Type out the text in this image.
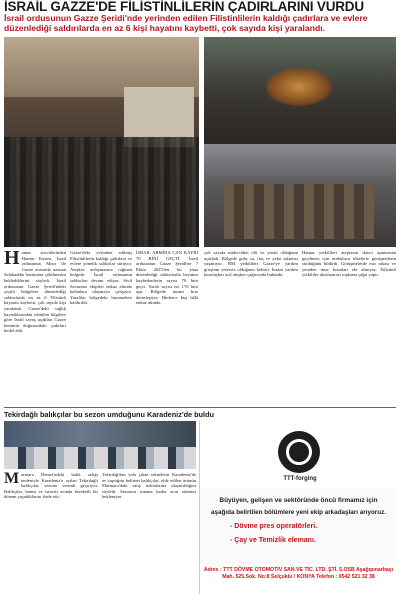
İSRAİL GAZZE'DE FİLİSTİNLİLERİN ÇADIRLARINI VURDU
İsrail ordusunun Gazze Şeridi'nde yerinden edilen Filistinlilerin kaldığı çadırlara ve evlere düzenlediği saldırılarda en az 6 kişi hayatını kaybetti, çok sayıda kişi yaralandı.
Hamas sözcülerinden Hazem Kasım, İsrail ordusunun Mısır ile Gazze arasında uzanan Selahaddin hattından çekilmesini beklediklerini söyledi. İsrail ordusunun Gazze Şeridi'ndeki çeşitli bölgelere düzenlediği saldırılarda en az 6 Filistinli hayatını kaybetti, çok sayıda kişi yaralandı. Gazze'deki sağlık kaynaklarından edinilen bilgilere göre İsrail savaş uçakları Gazze kentinin doğusundaki çadırları hedef aldı.
Gazze'deki yerinden edilmiş Filistinlilerin kaldığı çadırlara ve evlere yönelik saldırılar sürüyor. Ateşkes anlaşmasına rağmen bölgede İsrail ordusunun saldırıları devam ediyor. Sivil Savunma ekipleri enkaz altında kalanlara ulaşmaya çalışıyor. Yaralılar bölgedeki hastanelere kaldırıldı.
İSRAİL ARMİNA CAN KAYBI 70 BİNİ GEÇTİ. İsrail ordusunun Gazze Şeridi'ne 7 Ekim 2023'ten bu yana düzenlediği saldırılarda hayatını kaybedenlerin sayısı 70 bini geçti. Yaralı sayısı ise 170 bini aştı. Bölgede insani kriz derinleşiyor. Binlerce kişi hâlâ enkaz altında.
çok sayıda mülteciden ölü ve yaralı olduğunu açıkladı. Bölgede gıda, su, ilaç ve yakıt sıkıntısı yaşanıyor. BM yetkilileri Gazze'ye yardım girişinin yetersiz olduğunu belirtti. İnsani yardım kuruluşları acil ateşkes çağrısında bulundu.
Hamas yetkilileri ateşkesin ikinci aşamasına geçilmesi için arabulucu ülkelerle görüşmelerin sürdüğünü bildirdi. Görüşmelerde esir takası ve yeniden imar konuları ele alınıyor. Filistinli yetkililer uluslararası topluma çağrı yaptı.
Tekirdağlı balıkçılar bu sezon umduğunu Karadeniz'de buldu
Marmara Denizi'ndeki balık azlığı nedeniyle Karadeniz'e açılan Tekirdağlı balıkçılar, sezonu verimli geçiriyor. Balıkçılar, hamsi ve istavrit avında bereketli bir dönem yaşadıklarını ifade etti.
Tekirdağ'dan yola çıkan teknelerin Karadeniz'de av yaptığını belirten balıkçılar, elde edilen ürünün Marmara'daki satış noktalarına ulaştırıldığını söyledi. Sezonun sonuna kadar avın sürmesi bekleniyor.
TTT-forging
Büyüyen, gelişen ve sektöründe öncü firmamız için
aşağıda belirtilen bölümlere yeni ekip arkadaşları arıyoruz.
- Dövme pres operatörleri.
- Çay ve Temizlik elemanı.
Adres : TTT DÖVME OTOMOTİV SAN.VE TİC. LTD. ŞTİ. 5.OSB Aşağıpınarbaşı Mah. 525.Sok. No:8 Selçuklu / KONYA Telefon : 0542 521 32 38
